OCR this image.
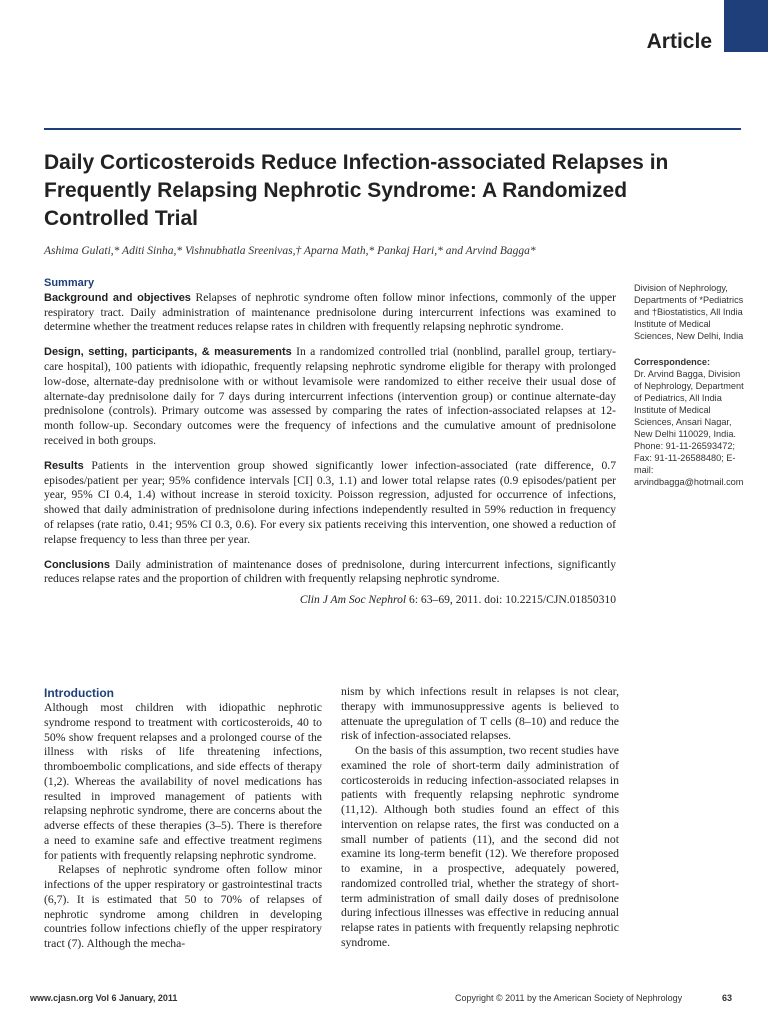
Article
Daily Corticosteroids Reduce Infection-associated Relapses in Frequently Relapsing Nephrotic Syndrome: A Randomized Controlled Trial
Ashima Gulati,* Aditi Sinha,* Vishnubhatla Sreenivas,† Aparna Math,* Pankaj Hari,* and Arvind Bagga*
Summary

Background and objectives Relapses of nephrotic syndrome often follow minor infections, commonly of the upper respiratory tract. Daily administration of maintenance prednisolone during intercurrent infections was examined to determine whether the treatment reduces relapse rates in children with frequently relapsing nephrotic syndrome.

Design, setting, participants, & measurements In a randomized controlled trial (nonblind, parallel group, tertiary-care hospital), 100 patients with idiopathic, frequently relapsing nephrotic syndrome eligible for therapy with prolonged low-dose, alternate-day prednisolone with or without levamisole were randomized to either receive their usual dose of alternate-day prednisolone daily for 7 days during intercurrent infections (intervention group) or continue alternate-day prednisolone (controls). Primary outcome was assessed by comparing the rates of infection-associated relapses at 12-month follow-up. Secondary outcomes were the frequency of infections and the cumulative amount of prednisolone received in both groups.

Results Patients in the intervention group showed significantly lower infection-associated (rate difference, 0.7 episodes/patient per year; 95% confidence intervals [CI] 0.3, 1.1) and lower total relapse rates (0.9 episodes/patient per year, 95% CI 0.4, 1.4) without increase in steroid toxicity. Poisson regression, adjusted for occurrence of infections, showed that daily administration of prednisolone during infections independently resulted in 59% reduction in frequency of relapses (rate ratio, 0.41; 95% CI 0.3, 0.6). For every six patients receiving this intervention, one showed a reduction of relapse frequency to less than three per year.

Conclusions Daily administration of maintenance doses of prednisolone, during intercurrent infections, significantly reduces relapse rates and the proportion of children with frequently relapsing nephrotic syndrome.

Clin J Am Soc Nephrol 6: 63–69, 2011. doi: 10.2215/CJN.01850310

Division of Nephrology, Departments of *Pediatrics and †Biostatistics, All India Institute of Medical Sciences, New Delhi, India

Correspondence:

Dr. Arvind Bagga, Division of Nephrology, Department of Pediatrics, All India Institute of Medical Sciences, Ansari Nagar, New Delhi 110029, India. Phone: 91-11-26593472; Fax: 91-11-26588480; E-mail: arvindbagga@hotmail.com

Introduction

Although most children with idiopathic nephrotic syndrome respond to treatment with corticosteroids, 40 to 50% show frequent relapses and a prolonged course of the illness with risks of life threatening infections, thromboembolic complications, and side effects of therapy (1,2). Whereas the availability of novel medications has resulted in improved management of patients with relapsing nephrotic syndrome, there are concerns about the adverse effects of these therapies (3–5). There is therefore a need to examine safe and effective treatment regimens for patients with frequently relapsing nephrotic syndrome.

Relapses of nephrotic syndrome often follow minor infections of the upper respiratory or gastrointestinal tracts (6,7). It is estimated that 50 to 70% of relapses of nephrotic syndrome among children in developing countries follow infections chiefly of the upper respiratory tract (7). Although the mecha-

nism by which infections result in relapses is not clear, therapy with immunosuppressive agents is believed to attenuate the upregulation of T cells (8–10) and reduce the risk of infection-associated relapses.

On the basis of this assumption, two recent studies have examined the role of short-term daily administration of corticosteroids in reducing infection-associated relapses in patients with frequently relapsing nephrotic syndrome (11,12). Although both studies found an effect of this intervention on relapse rates, the first was conducted on a small number of patients (11), and the second did not examine its long-term benefit (12). We therefore proposed to examine, in a prospective, adequately powered, randomized controlled trial, whether the strategy of short-term administration of small daily doses of prednisolone during infectious illnesses was effective in reducing annual relapse rates in patients with frequently relapsing nephrotic syndrome.

www.cjasn.org Vol 6 January, 2011	Copyright © 2011 by the American Society of Nephrology	63
